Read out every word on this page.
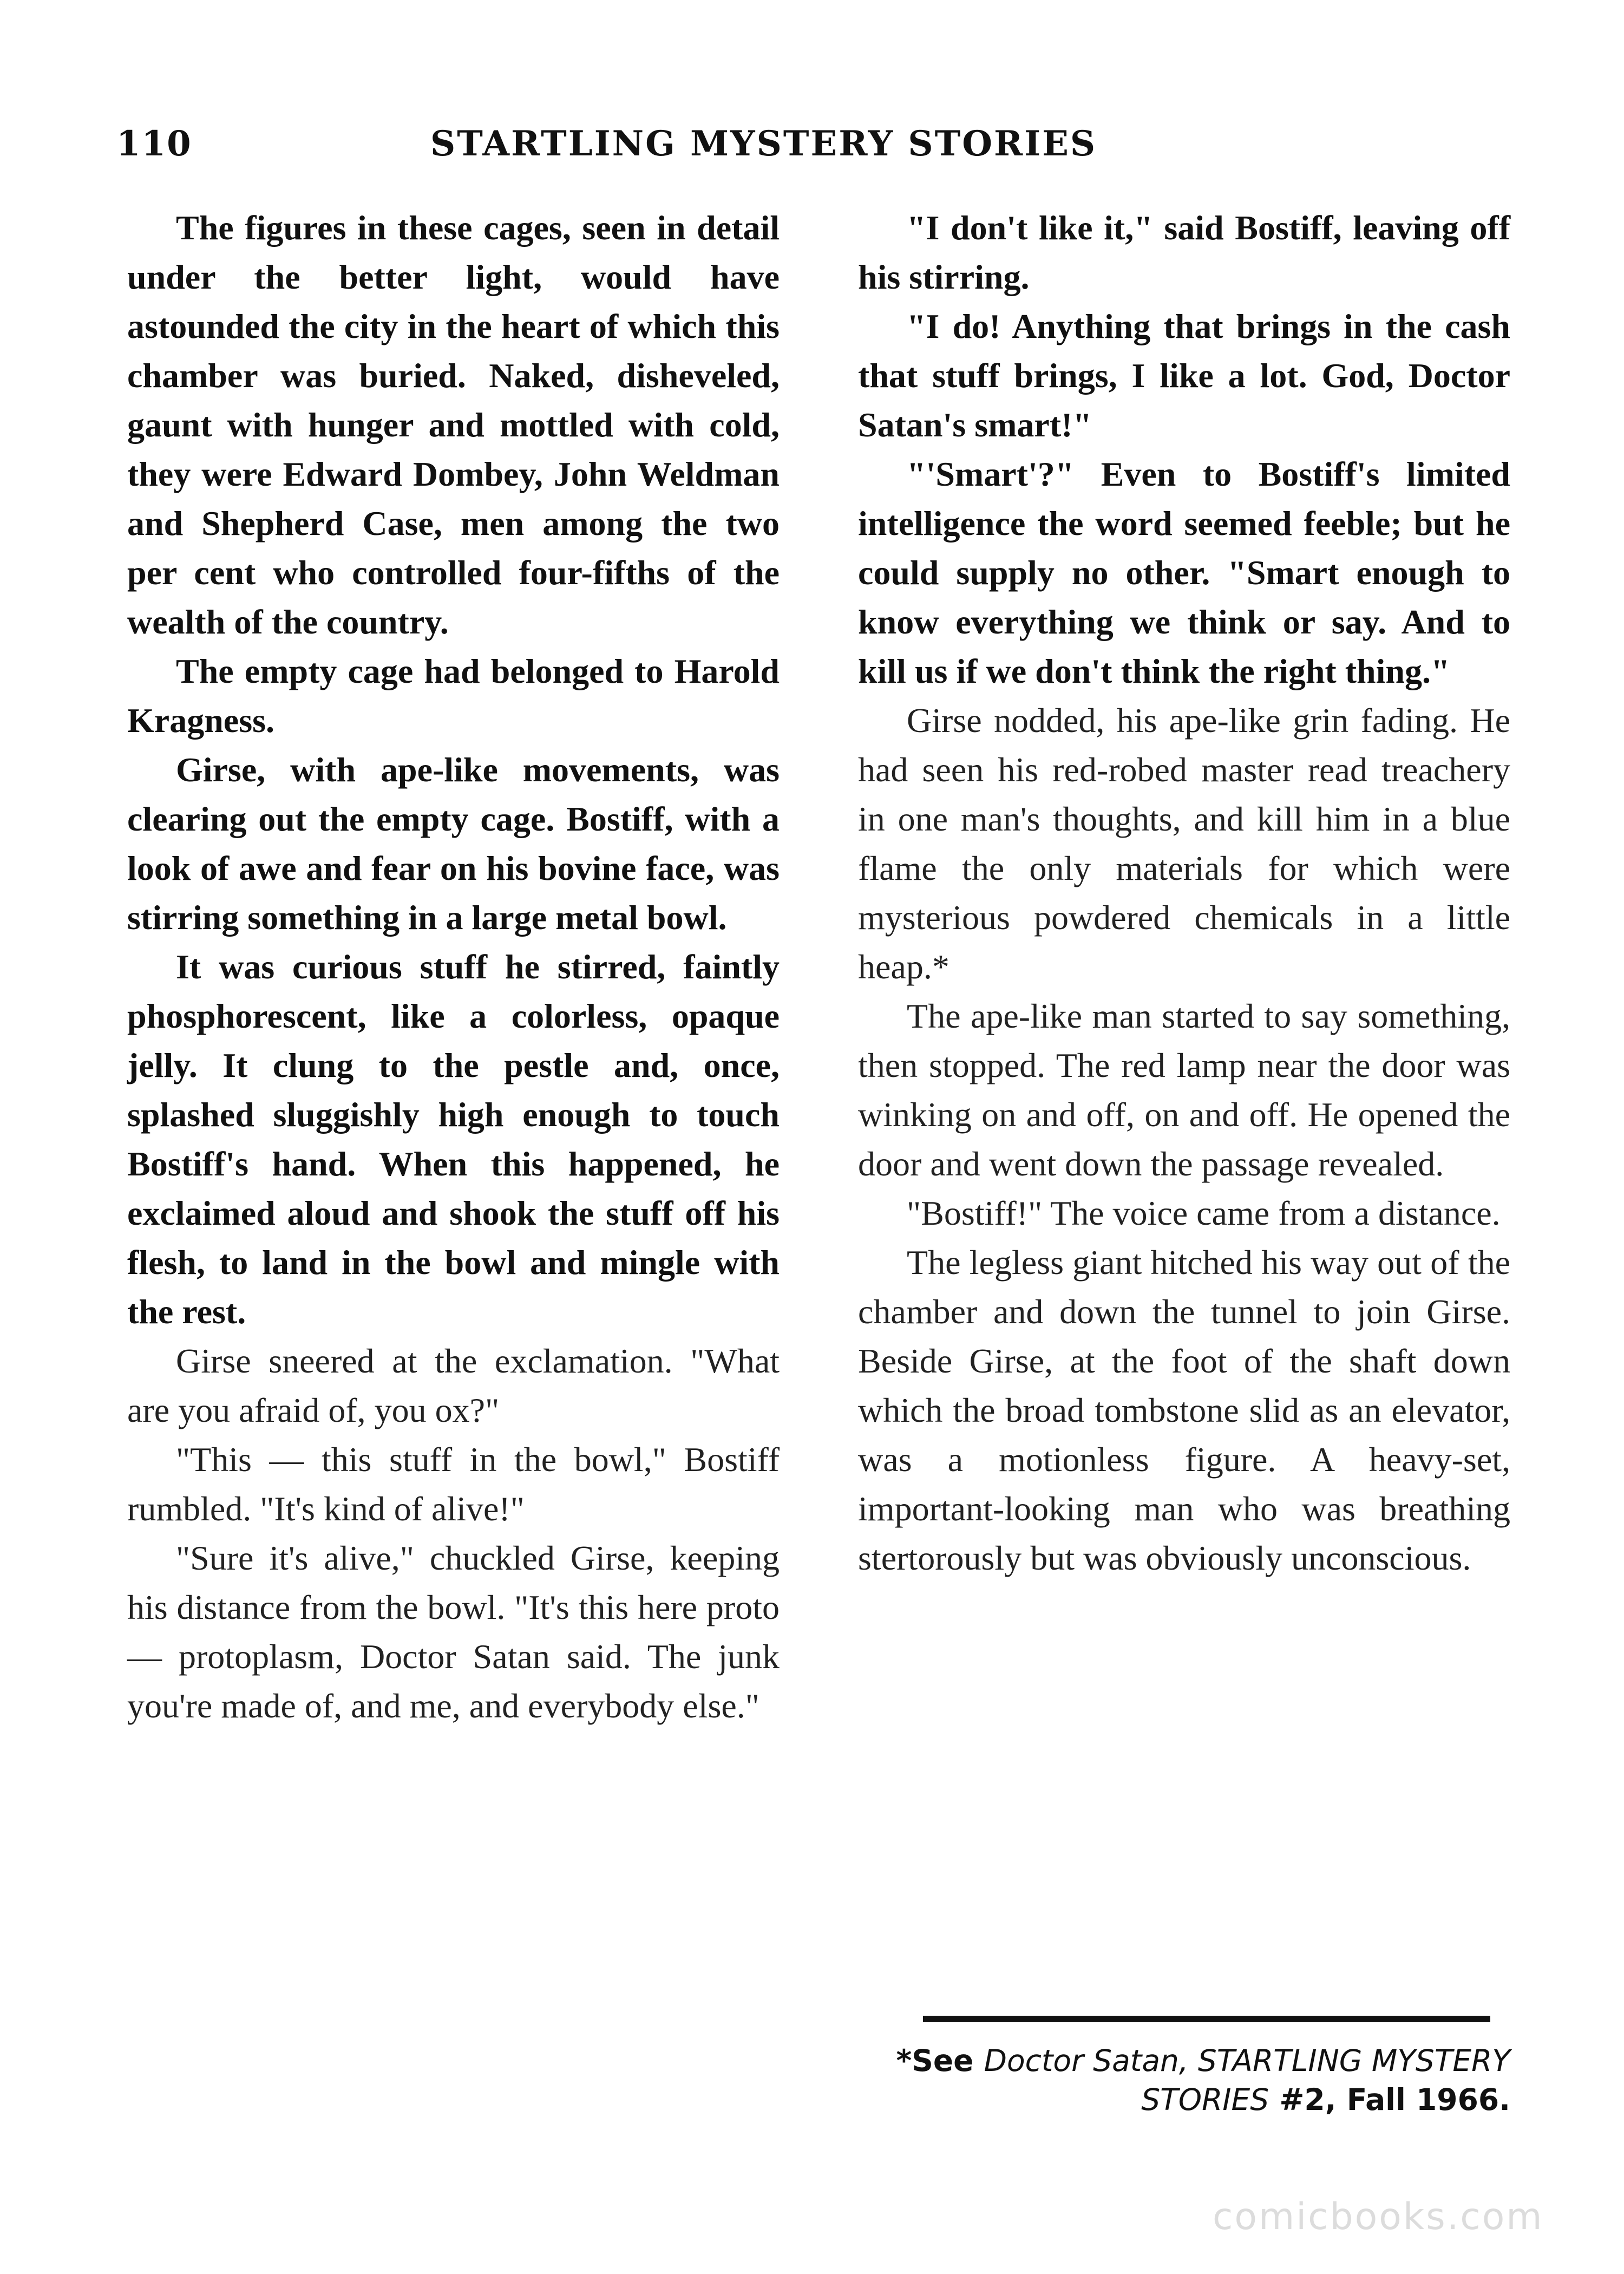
110	STARTLING MYSTERY STORIES

The figures in these cages, seen in detail under the better light, would have astounded the city in the heart of which this chamber was buried. Naked, disheveled, gaunt with hunger and mottled with cold, they were Edward Dombey, John Weldman and Shepherd Case, men among the two per cent who controlled four-fifths of the wealth of the country.

The empty cage had belonged to Harold Kragness.

Girse, with ape-like movements, was clearing out the empty cage. Bostiff, with a look of awe and fear on his bovine face, was stirring something in a large metal bowl.

It was curious stuff he stirred, faintly phosphorescent, like a colorless, opaque jelly. It clung to the pestle and, once, splashed sluggishly high enough to touch Bostiff's hand. When this happened, he exclaimed aloud and shook the stuff off his flesh, to land in the bowl and mingle with the rest.

Girse sneered at the exclamation. "What are you afraid of, you ox?"

"This — this stuff in the bowl," Bostiff rumbled. "It's kind of alive!"

"Sure it's alive," chuckled Girse, keeping his distance from the bowl. "It's this here proto — protoplasm, Doctor Satan said. The junk you're made of, and me, and everybody else."

"I don't like it," said Bostiff, leaving off his stirring.

"I do! Anything that brings in the cash that stuff brings, I like a lot. God, Doctor Satan's smart!"

"'Smart'?" Even to Bostiff's limited intelligence the word seemed feeble; but he could supply no other. "Smart enough to know everything we think or say. And to kill us if we don't think the right thing."

Girse nodded, his ape-like grin fading. He had seen his red-robed master read treachery in one man's thoughts, and kill him in a blue flame the only materials for which were mysterious powdered chemicals in a little heap.*

The ape-like man started to say something, then stopped. The red lamp near the door was winking on and off, on and off. He opened the door and went down the passage revealed.

"Bostiff!" The voice came from a distance.

The legless giant hitched his way out of the chamber and down the tunnel to join Girse. Beside Girse, at the foot of the shaft down which the broad tombstone slid as an elevator, was a motionless figure. A heavy-set, important-looking man who was breathing stertorously but was obviously unconscious.

*See Doctor Satan, STARTLING MYSTERY STORIES #2, Fall 1966.
comicbooks.com
